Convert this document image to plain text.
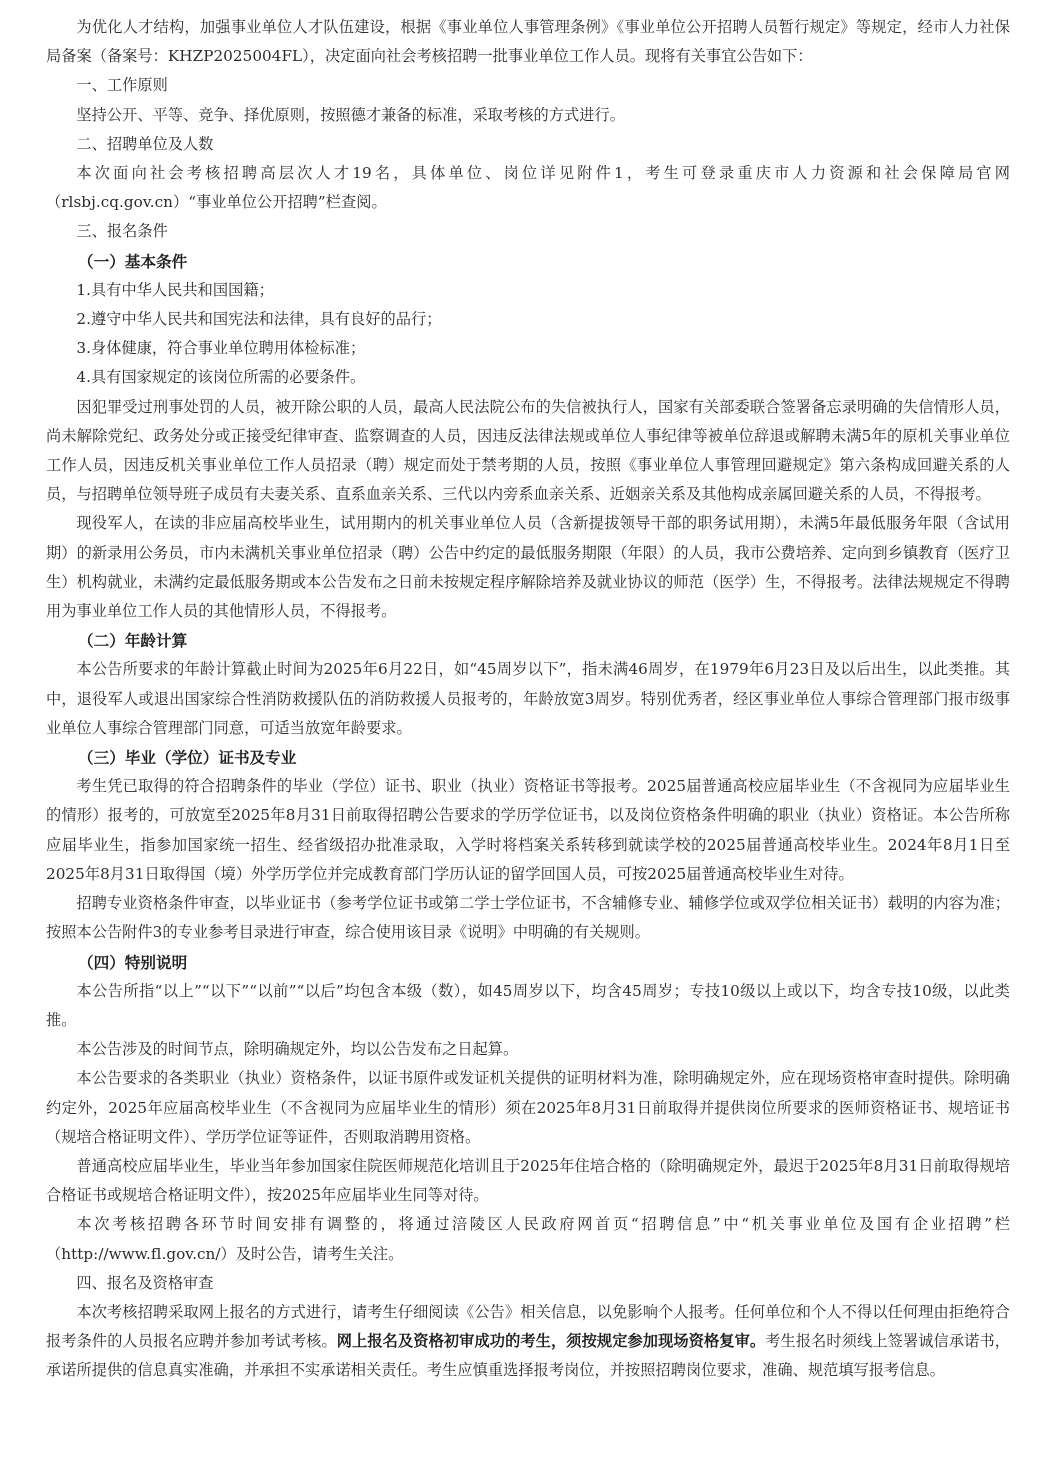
为优化人才结构，加强事业单位人才队伍建设，根据《事业单位人事管理条例》《事业单位公开招聘人员暂行规定》等规定，经市人力社保局备案（备案号：KHZP2025004FL），决定面向社会考核招聘一批事业单位工作人员。现将有关事宜公告如下：

一、工作原则

坚持公开、平等、竞争、择优原则，按照德才兼备的标准，采取考核的方式进行。

二、招聘单位及人数

本次面向社会考核招聘高层次人才19名，具体单位、岗位详见附件1，考生可登录重庆市人力资源和社会保障局官网（rlsbj.cq.gov.cn）“事业单位公开招聘”栏查阅。

三、报名条件

（一）基本条件

1.具有中华人民共和国国籍；

2.遵守中华人民共和国宪法和法律，具有良好的品行；

3.身体健康，符合事业单位聘用体检标准；

4.具有国家规定的该岗位所需的必要条件。

因犯罪受过刑事处罚的人员，被开除公职的人员，最高人民法院公布的失信被执行人，国家有关部委联合签署备忘录明确的失信情形人员，尚未解除党纪、政务处分或正接受纪律审查、监察调查的人员，因违反法律法规或单位人事纪律等被单位辞退或解聘未满5年的原机关事业单位工作人员，因违反机关事业单位工作人员招录（聘）规定而处于禁考期的人员，按照《事业单位人事管理回避规定》第六条构成回避关系的人员，与招聘单位领导班子成员有夫妻关系、直系血亲关系、三代以内旁系血亲关系、近姻亲关系及其他构成亲属回避关系的人员，不得报考。

现役军人，在读的非应届高校毕业生，试用期内的机关事业单位人员（含新提拔领导干部的职务试用期），未满5年最低服务年限（含试用期）的新录用公务员，市内未满机关事业单位招录（聘）公告中约定的最低服务期限（年限）的人员，我市公费培养、定向到乡镇教育（医疗卫生）机构就业，未满约定最低服务期或本公告发布之日前未按规定程序解除培养及就业协议的师范（医学）生，不得报考。法律法规规定不得聘用为事业单位工作人员的其他情形人员，不得报考。

（二）年龄计算

本公告所要求的年龄计算截止时间为2025年6月22日，如“45周岁以下”，指未满46周岁，在1979年6月23日及以后出生，以此类推。其中，退役军人或退出国家综合性消防救援队伍的消防救援人员报考的，年龄放宽3周岁。特别优秀者，经区事业单位人事综合管理部门报市级事业单位人事综合管理部门同意，可适当放宽年龄要求。

（三）毕业（学位）证书及专业

考生凭已取得的符合招聘条件的毕业（学位）证书、职业（执业）资格证书等报考。2025届普通高校应届毕业生（不含视同为应届毕业生的情形）报考的，可放宽至2025年8月31日前取得招聘公告要求的学历学位证书，以及岗位资格条件明确的职业（执业）资格证。本公告所称应届毕业生，指参加国家统一招生、经省级招办批准录取，入学时将档案关系转移到就读学校的2025届普通高校毕业生。2024年8月1日至2025年8月31日取得国（境）外学历学位并完成教育部门学历认证的留学回国人员，可按2025届普通高校毕业生对待。

招聘专业资格条件审查，以毕业证书（参考学位证书或第二学士学位证书，不含辅修专业、辅修学位或双学位相关证书）载明的内容为准；按照本公告附件3的专业参考目录进行审查，综合使用该目录《说明》中明确的有关规则。

（四）特别说明

本公告所指“以上”“以下”“以前”“以后”均包含本级（数），如45周岁以下，均含45周岁；专技10级以上或以下，均含专技10级，以此类推。

本公告涉及的时间节点，除明确规定外，均以公告发布之日起算。

本公告要求的各类职业（执业）资格条件，以证书原件或发证机关提供的证明材料为准，除明确规定外，应在现场资格审查时提供。除明确约定外，2025年应届高校毕业生（不含视同为应届毕业生的情形）须在2025年8月31日前取得并提供岗位所要求的医师资格证书、规培证书（规培合格证明文件）、学历学位证等证件，否则取消聘用资格。

普通高校应届毕业生，毕业当年参加国家住院医师规范化培训且于2025年住培合格的（除明确规定外，最迟于2025年8月31日前取得规培合格证书或规培合格证明文件），按2025年应届毕业生同等对待。

本次考核招聘各环节时间安排有调整的，将通过涪陵区人民政府网首页“招聘信息”中“机关事业单位及国有企业招聘”栏（http://www.fl.gov.cn/）及时公告，请考生关注。

四、报名及资格审查

本次考核招聘采取网上报名的方式进行，请考生仔细阅读《公告》相关信息，以免影响个人报考。任何单位和个人不得以任何理由拒绝符合报考条件的人员报名应聘并参加考试考核。网上报名及资格初审成功的考生，须按规定参加现场资格复审。考生报名时须线上签署诚信承诺书，承诺所提供的信息真实准确，并承担不实承诺相关责任。考生应慎重选择报考岗位，并按照招聘岗位要求，准确、规范填写报考信息。
